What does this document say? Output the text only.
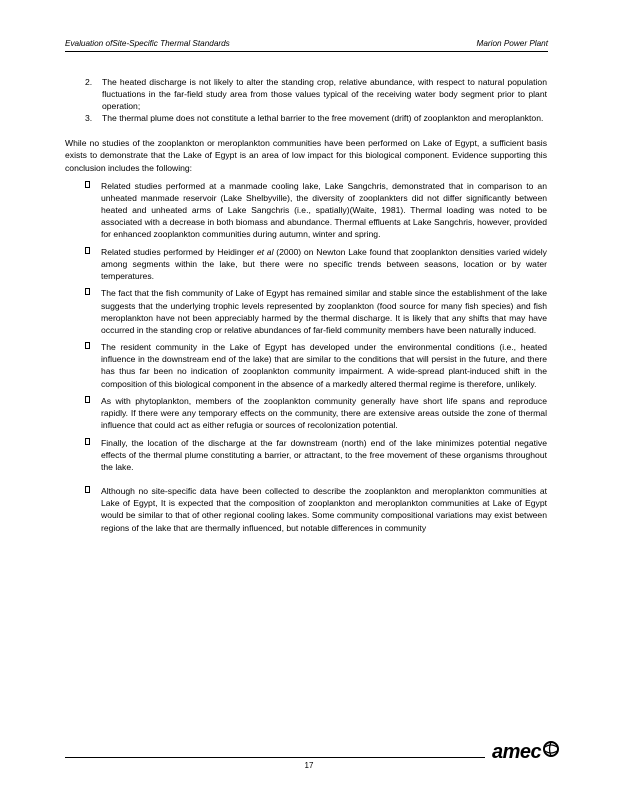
Evaluation ofSite-Specific Thermal Standards	Marion Power Plant

2. The heated discharge is not likely to alter the standing crop, relative abundance, with respect to natural population fluctuations in the far-field study area from those values typical of the receiving water body segment prior to plant operation;

3. The thermal plume does not constitute a lethal barrier to the free movement (drift) of zooplankton and meroplankton.

While no studies of the zooplankton or meroplankton communities have been performed on Lake of Egypt, a sufficient basis exists to demonstrate that the Lake of Egypt is an area of low impact for this biological component. Evidence supporting this conclusion includes the following:

Related studies performed at a manmade cooling lake, Lake Sangchris, demonstrated that in comparison to an unheated manmade reservoir (Lake Shelbyville), the diversity of zooplankters did not differ significantly between heated and unheated arms of Lake Sangchris (i.e., spatially)(Waite, 1981). Thermal loading was noted to be associated with a decrease in both biomass and abundance. Thermal effluents at Lake Sangchris, however, provided for enhanced zooplankton communities during autumn, winter and spring.

Related studies performed by Heidinger et al (2000) on Newton Lake found that zooplankton densities varied widely among segments within the lake, but there were no specific trends between seasons, location or by water temperatures.

The fact that the fish community of Lake of Egypt has remained similar and stable since the establishment of the lake suggests that the underlying trophic levels represented by zooplankton (food source for many fish species) and fish meroplankton have not been appreciably harmed by the thermal discharge. It is likely that any shifts that may have occurred in the standing crop or relative abundances of far-field community members have been naturally induced.

The resident community in the Lake of Egypt has developed under the environmental conditions (i.e., heated influence in the downstream end of the lake) that are similar to the conditions that will persist in the future, and there has thus far been no indication of zooplankton community impairment. A wide-spread plant-induced shift in the composition of this biological component in the absence of a markedly altered thermal regime is therefore, unlikely.

As with phytoplankton, members of the zooplankton community generally have short life spans and reproduce rapidly. If there were any temporary effects on the community, there are extensive areas outside the zone of thermal influence that could act as either refugia or sources of recolonization potential.

Finally, the location of the discharge at the far downstream (north) end of the lake minimizes potential negative effects of the thermal plume constituting a barrier, or attractant, to the free movement of these organisms throughout the lake.

Although no site-specific data have been collected to describe the zooplankton and meroplankton communities at Lake of Egypt, It is expected that the composition of zooplankton and meroplankton communities at Lake of Egypt would be similar to that of other regional cooling lakes. Some community compositional variations may exist between regions of the lake that are thermally influenced, but notable differences in community

17
amec
